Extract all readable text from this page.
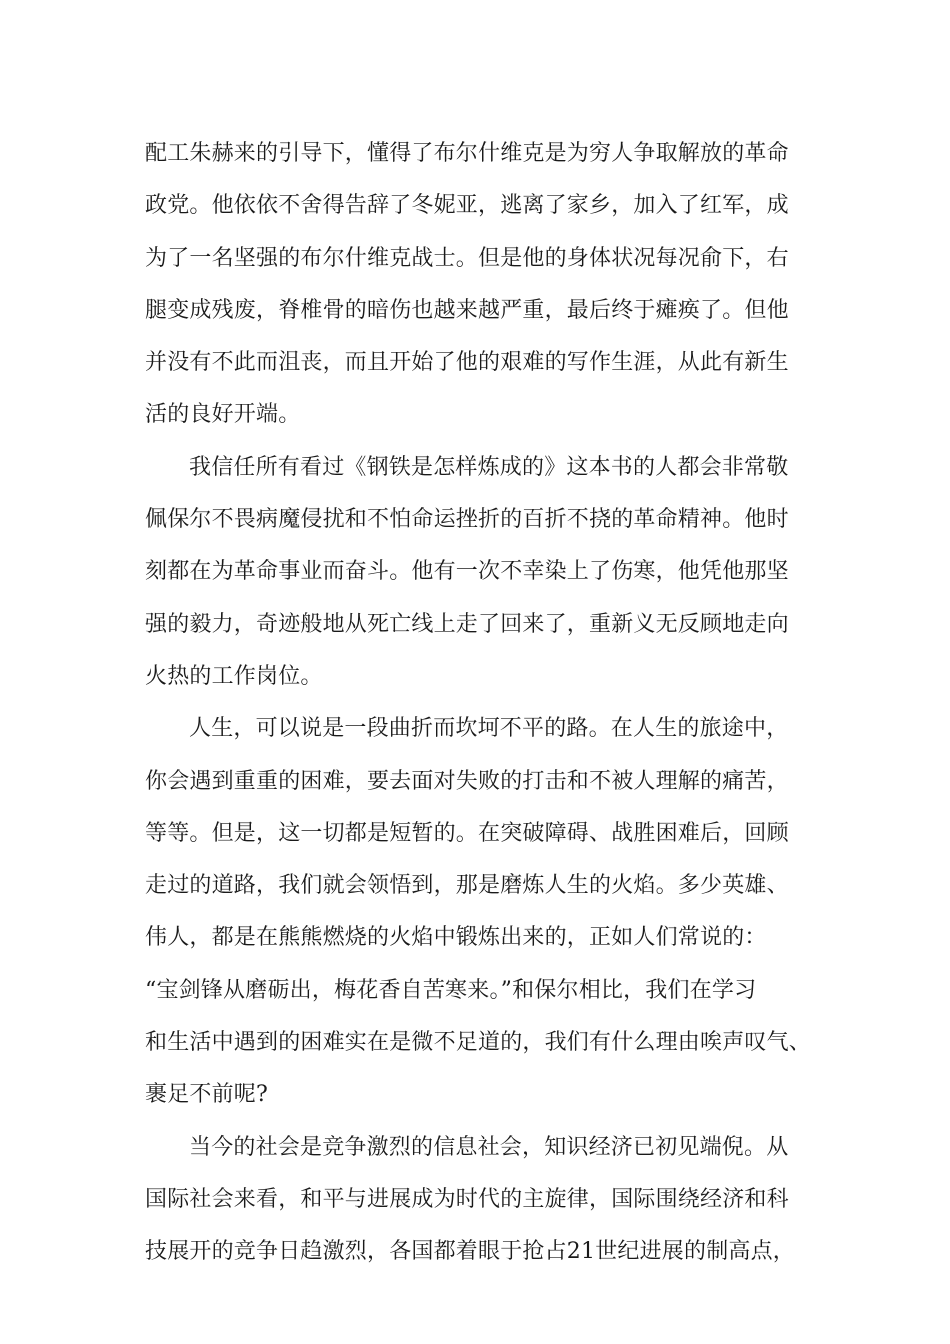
配工朱赫来的引导下，懂得了布尔什维克是为穷人争取解放的革命
政党。他依依不舍得告辞了冬妮亚，逃离了家乡，加入了红军，成
为了一名坚强的布尔什维克战士。但是他的身体状况每况俞下，右
腿变成残废，脊椎骨的暗伤也越来越严重，最后终于瘫痪了。但他
并没有不此而沮丧，而且开始了他的艰难的写作生涯，从此有新生
活的良好开端。
我信任所有看过《钢铁是怎样炼成的》这本书的人都会非常敬
佩保尔不畏病魔侵扰和不怕命运挫折的百折不挠的革命精神。他时
刻都在为革命事业而奋斗。他有一次不幸染上了伤寒，他凭他那坚
强的毅力，奇迹般地从死亡线上走了回来了，重新义无反顾地走向
火热的工作岗位。
人生，可以说是一段曲折而坎坷不平的路。在人生的旅途中，
你会遇到重重的困难，要去面对失败的打击和不被人理解的痛苦，
等等。但是，这一切都是短暂的。在突破障碍、战胜困难后，回顾
走过的道路，我们就会领悟到，那是磨炼人生的火焰。多少英雄、
伟人，都是在熊熊燃烧的火焰中锻炼出来的，正如人们常说的：
“宝剑锋从磨砺出，梅花香自苦寒来。”和保尔相比，我们在学习
和生活中遇到的困难实在是微不足道的，我们有什么理由唉声叹气、
裹足不前呢?
当今的社会是竞争激烈的信息社会，知识经济已初见端倪。从
国际社会来看，和平与进展成为时代的主旋律，国际围绕经济和科
技展开的竞争日趋激烈，各国都着眼于抢占21世纪进展的制高点，
